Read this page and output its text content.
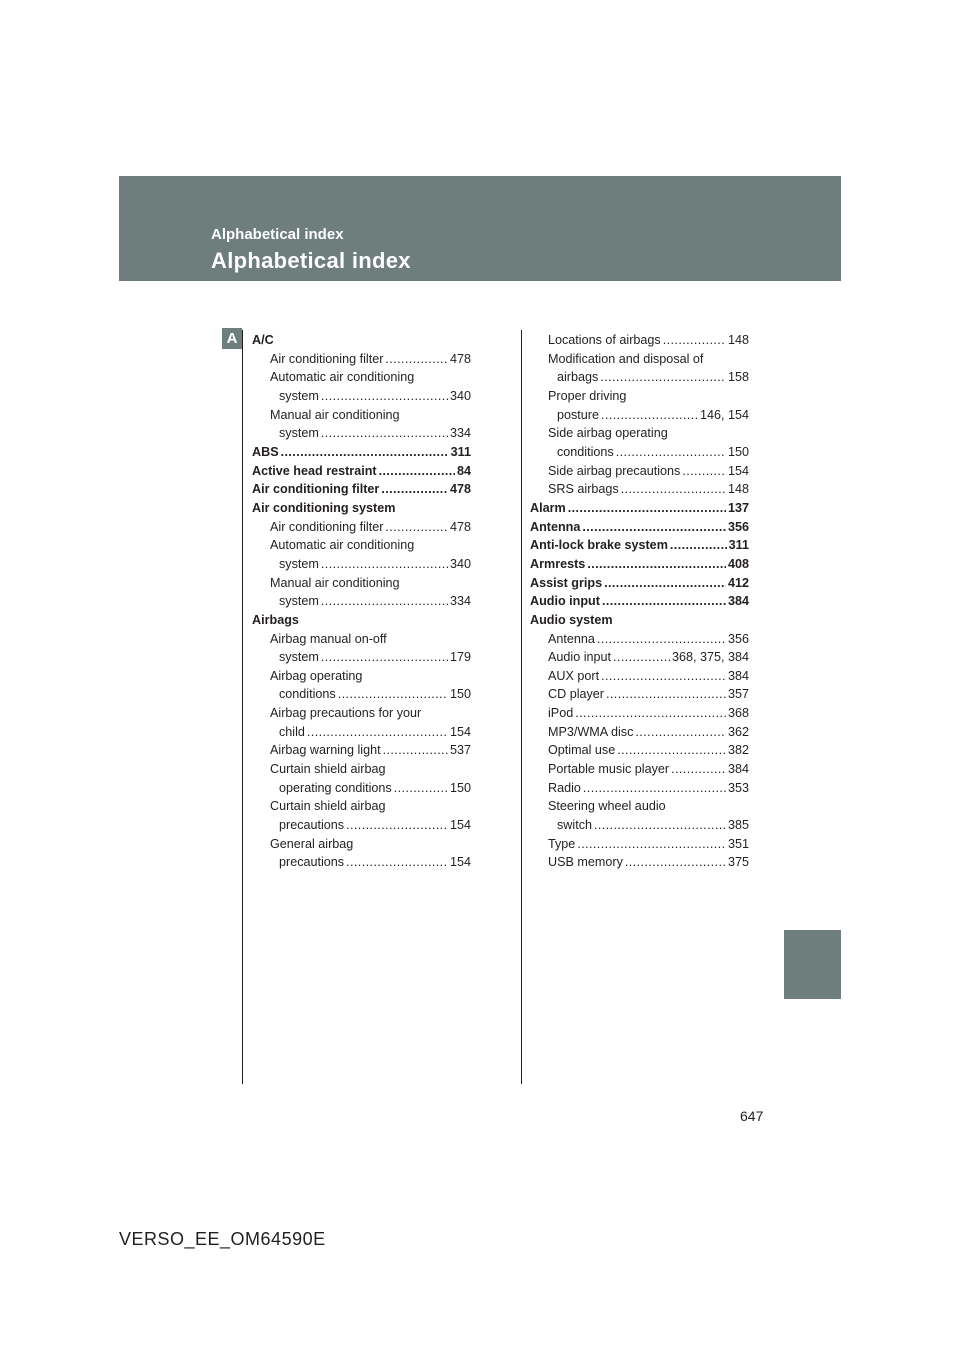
Alphabetical index
Alphabetical index
A	A/C
Air conditioning filter .....	478
Automatic air conditioning
system .....	340
Manual air conditioning
system .....	334
ABS .....	311
Active head restraint .....	84
Air conditioning filter .....	478
Air conditioning system
Air conditioning filter .....	478
Automatic air conditioning
system .....	340
Manual air conditioning
system .....	334
Airbags
Airbag manual on-off
system .....	179
Airbag operating
conditions .....	150
Airbag precautions for your
child .....	154
Airbag warning light .....	537
Curtain shield airbag
operating conditions .....	150
Curtain shield airbag
precautions .....	154
General airbag
precautions .....	154
Locations of airbags .....	148
Modification and disposal of
airbags .....	158
Proper driving
posture .....	146, 154
Side airbag operating
conditions .....	150
Side airbag precautions .....	154
SRS airbags .....	148
Alarm .....	137
Antenna .....	356
Anti-lock brake system .....	311
Armrests .....	408
Assist grips .....	412
Audio input .....	384
Audio system
Antenna .....	356
Audio input .....	368, 375, 384
AUX port .....	384
CD player .....	357
iPod .....	368
MP3/WMA disc .....	362
Optimal use .....	382
Portable music player .....	384
Radio .....	353
Steering wheel audio
switch .....	385
Type .....	351
USB memory .....	375
647
VERSO_EE_OM64590E
